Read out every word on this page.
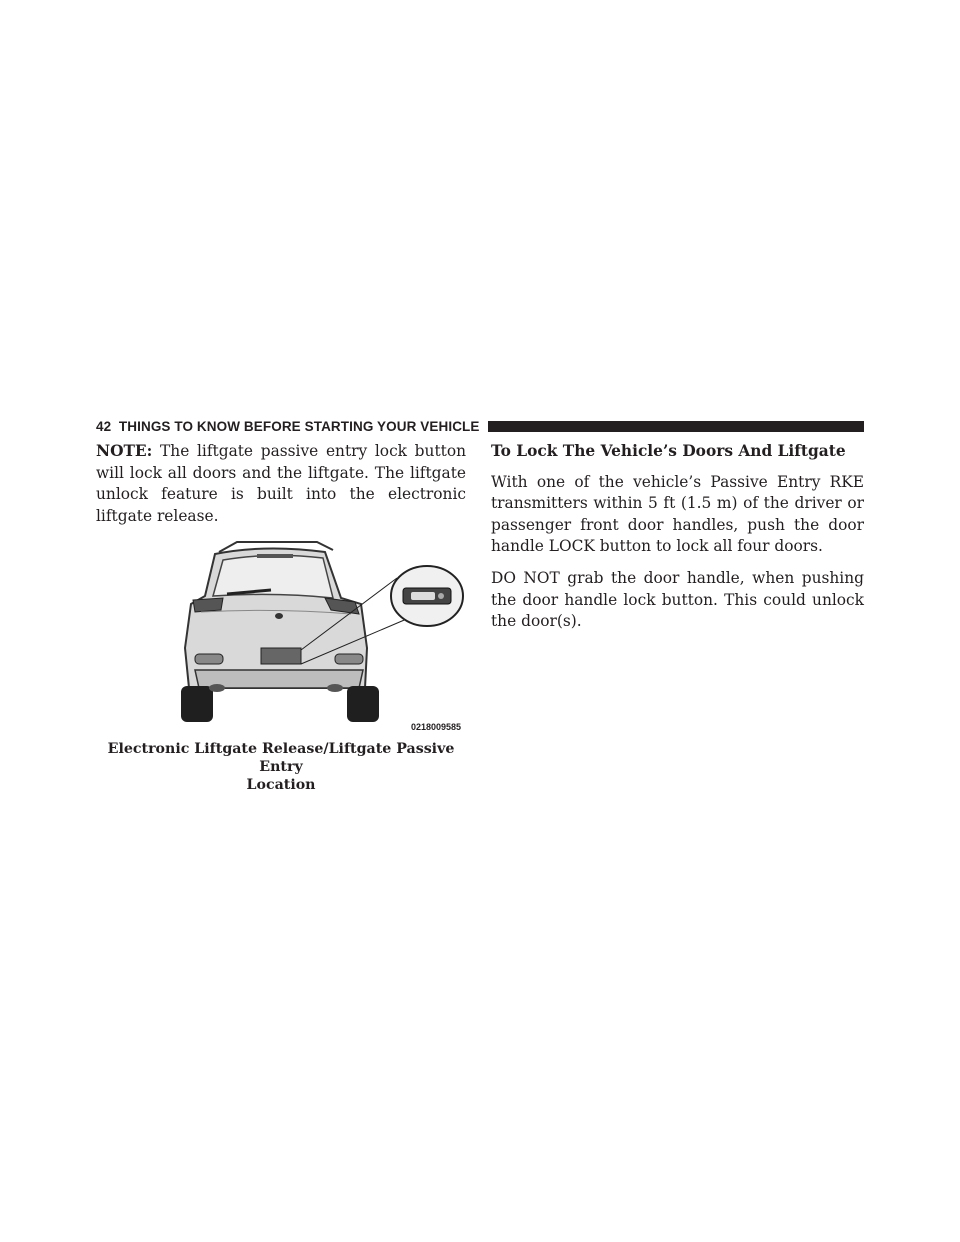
42 THINGS TO KNOW BEFORE STARTING YOUR VEHICLE

NOTE: The liftgate passive entry lock button will lock all doors and the liftgate. The liftgate unlock feature is built into the electronic liftgate release.

0218009585
Electronic Liftgate Release/Liftgate Passive Entry
Location
To Lock The Vehicle’s Doors And Liftgate

With one of the vehicle’s Passive Entry RKE transmitters within 5 ft (1.5 m) of the driver or passenger front door handles, push the door handle LOCK button to lock all four doors.

DO NOT grab the door handle, when pushing the door handle lock button. This could unlock the door(s).
